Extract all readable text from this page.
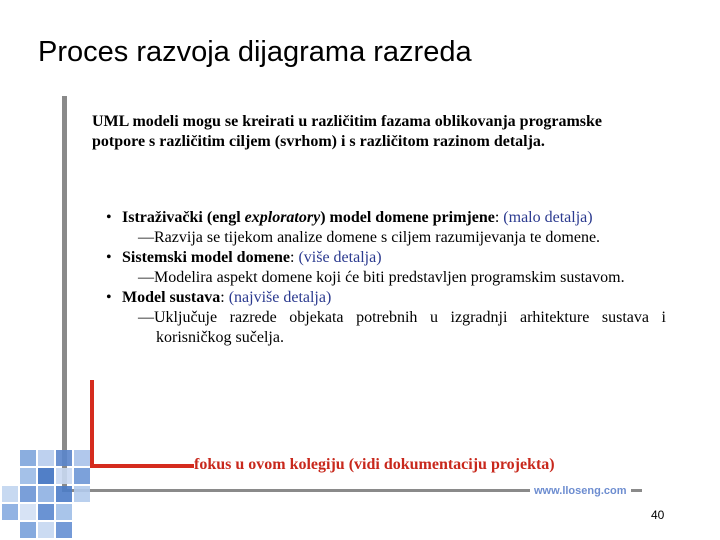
Proces razvoja dijagrama razreda
UML modeli mogu se kreirati u različitim fazama oblikovanja programske potpore s različitim ciljem (svrhom) i s različitom razinom detalja.
• Istraživački (engl exploratory) model domene primjene: (malo detalja)
—Razvija se tijekom analize domene s ciljem razumijevanja te domene.
• Sistemski model domene: (više detalja)
—Modelira aspekt domene koji će biti predstavljen programskim sustavom.
• Model sustava: (najviše detalja)
—Uključuje razrede objekata potrebnih u izgradnji arhitekture sustava i korisničkog sučelja.
fokus u ovom kolegiju (vidi dokumentaciju projekta)
www.lloseng.com
40
